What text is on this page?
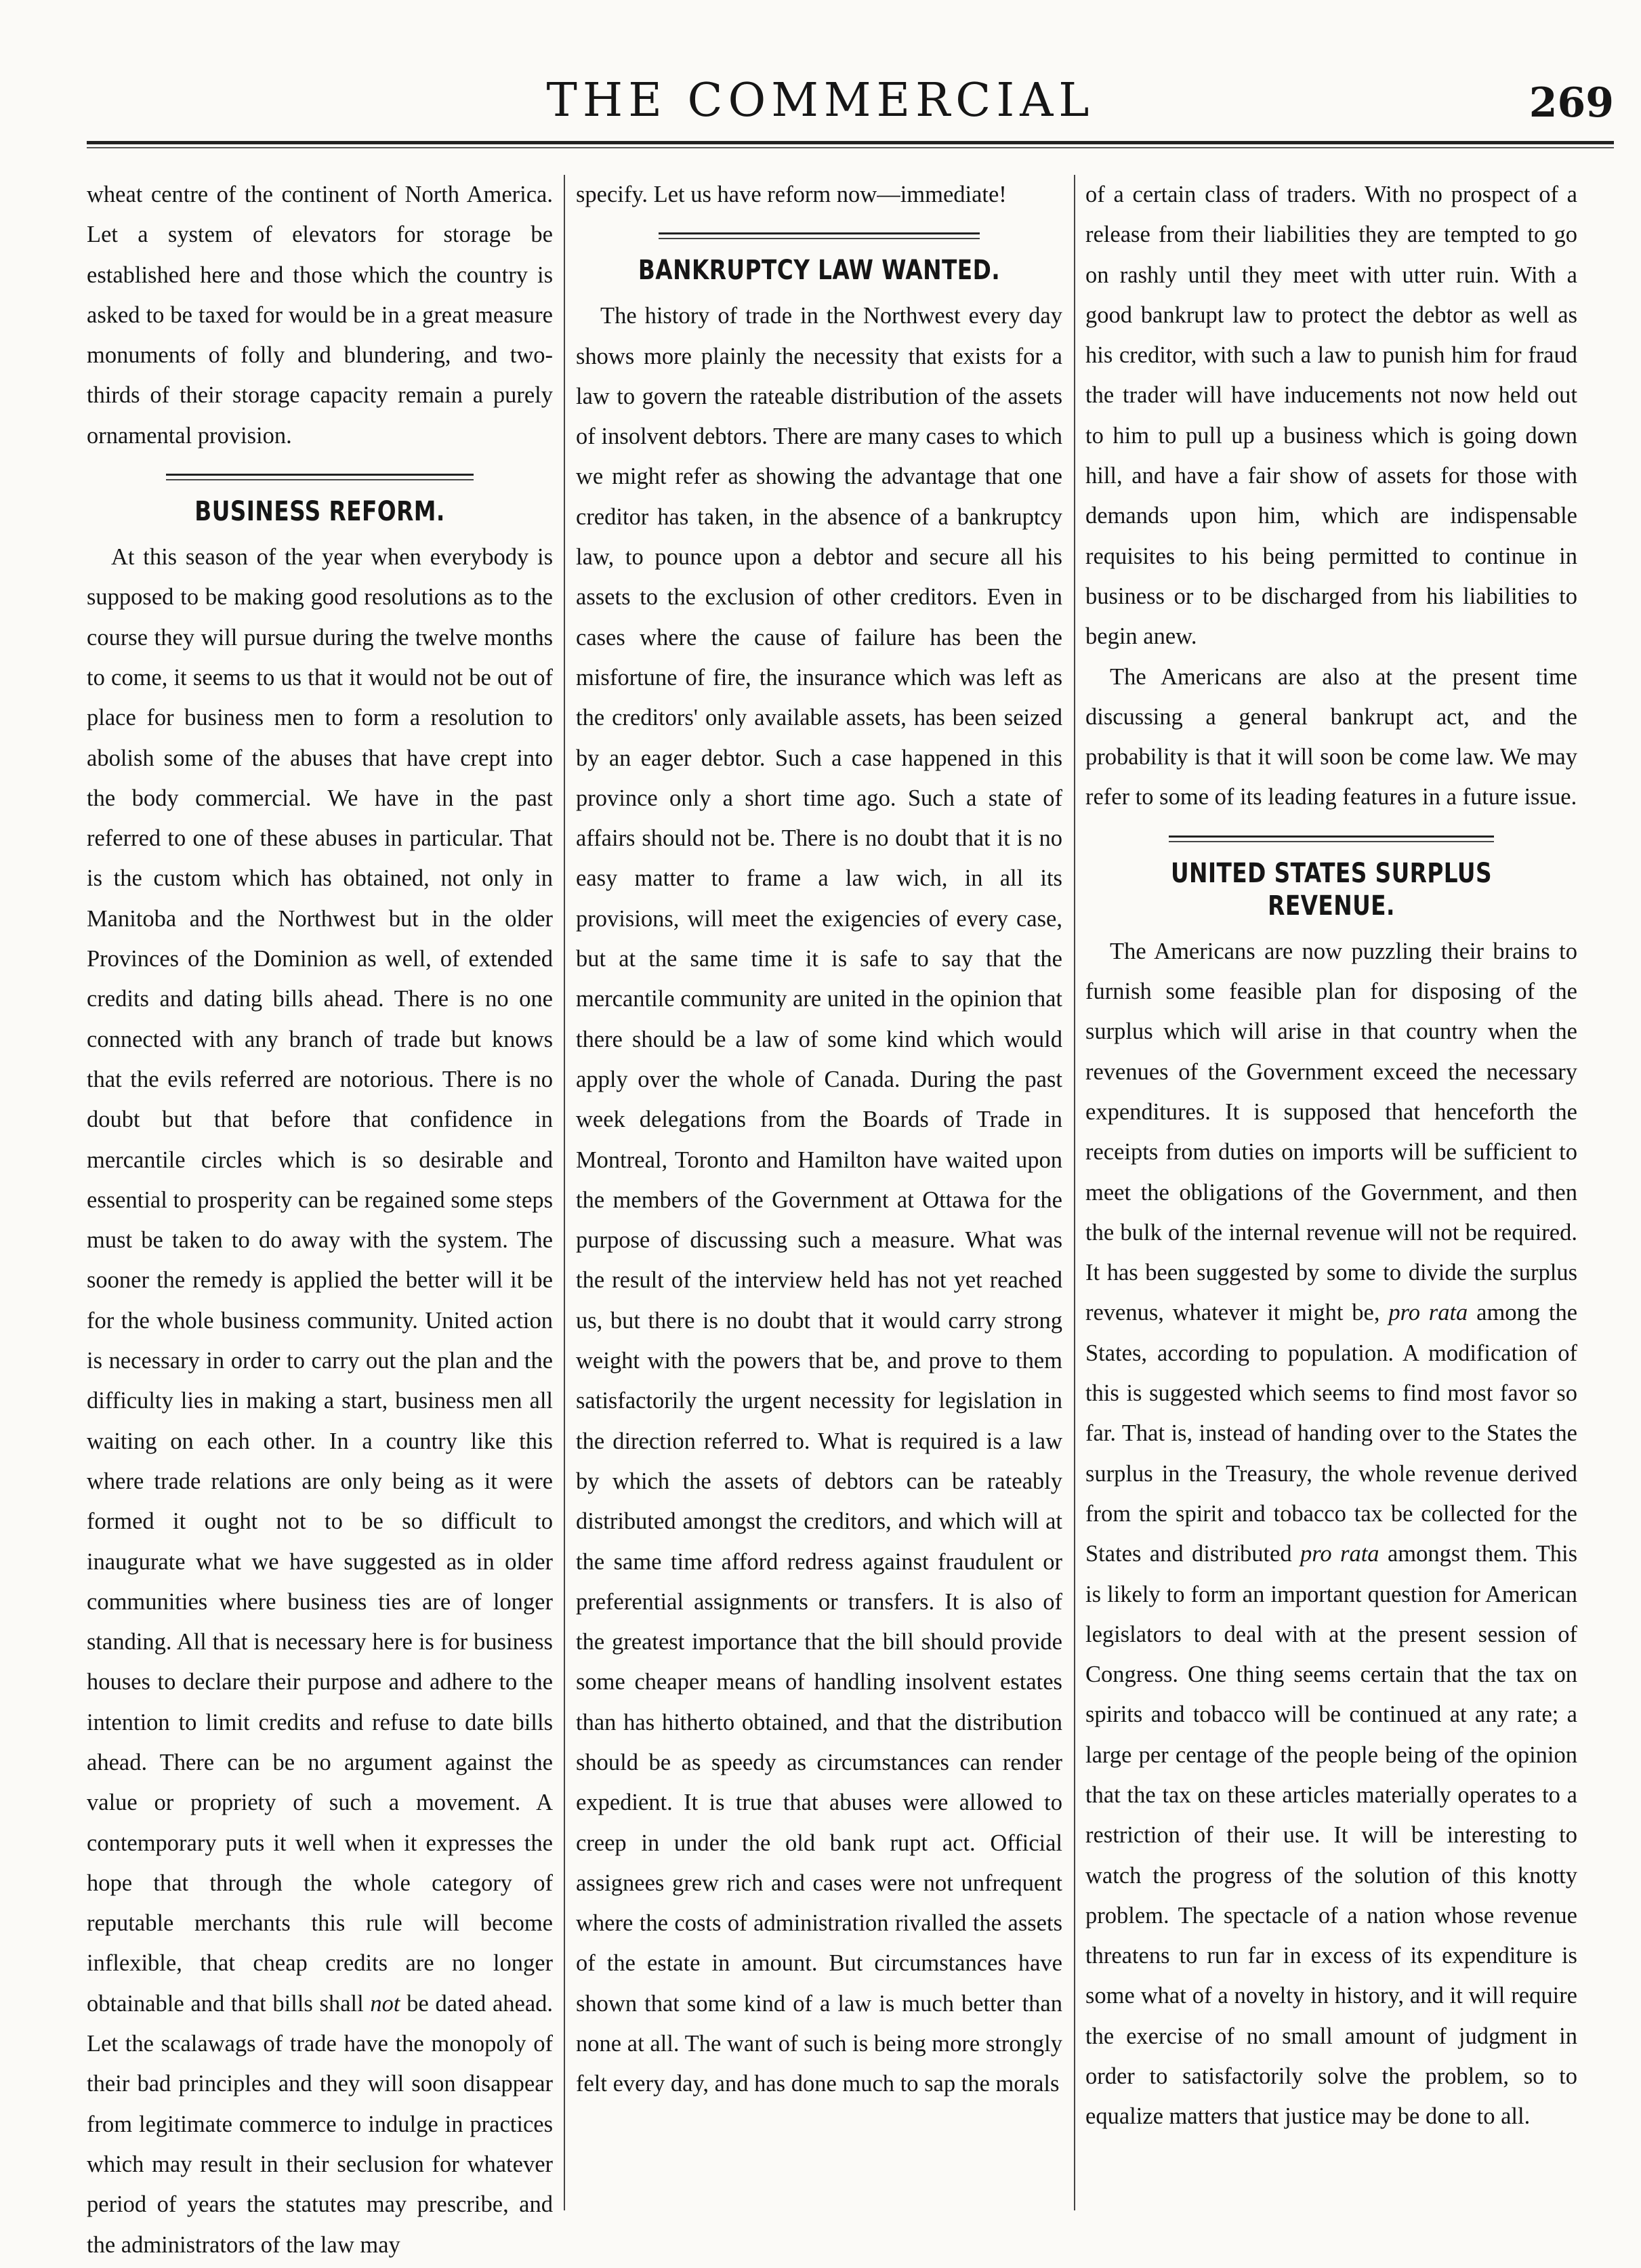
THE COMMERCIAL	269

wheat centre of the continent of North America. Let a system of elevators for storage be established here and those which the country is asked to be taxed for would be in a great measure monuments of folly and blundering, and two-thirds of their storage capacity remain a purely ornamental provision.

BUSINESS REFORM.

At this season of the year when everybody is supposed to be making good resolutions as to the course they will pursue during the twelve months to come, it seems to us that it would not be out of place for business men to form a resolution to abolish some of the abuses that have crept into the body commercial. We have in the past referred to one of these abuses in particular. That is the custom which has obtained, not only in Manitoba and the Northwest but in the older Provinces of the Dominion as well, of extended credits and dating bills ahead. There is no one connected with any branch of trade but knows that the evils referred are notorious. There is no doubt but that before that confidence in mercantile circles which is so desirable and essential to prosperity can be regained some steps must be taken to do away with the system. The sooner the remedy is applied the better will it be for the whole business community. United action is necessary in order to carry out the plan and the difficulty lies in making a start, business men all waiting on each other. In a country like this where trade relations are only being as it were formed it ought not to be so difficult to inaugurate what we have suggested as in older communities where business ties are of longer standing. All that is necessary here is for business houses to declare their purpose and adhere to the intention to limit credits and refuse to date bills ahead. There can be no argument against the value or propriety of such a movement. A contemporary puts it well when it expresses the hope that through the whole category of reputable merchants this rule will become inflexible, that cheap credits are no longer obtainable and that bills shall not be dated ahead. Let the scalawags of trade have the monopoly of their bad principles and they will soon disappear from legitimate commerce to indulge in practices which may result in their seclusion for whatever period of years the statutes may prescribe, and the administrators of the law may

specify. Let us have reform now—immediate!

BANKRUPTCY LAW WANTED.

The history of trade in the Northwest every day shows more plainly the necessity that exists for a law to govern the rateable distribution of the assets of insolvent debtors. There are many cases to which we might refer as showing the advantage that one creditor has taken, in the absence of a bankruptcy law, to pounce upon a debtor and secure all his assets to the exclusion of other creditors. Even in cases where the cause of failure has been the misfortune of fire, the insurance which was left as the creditors' only available assets, has been seized by an eager debtor. Such a case happened in this province only a short time ago. Such a state of affairs should not be. There is no doubt that it is no easy matter to frame a law wich, in all its provisions, will meet the exigencies of every case, but at the same time it is safe to say that the mercantile community are united in the opinion that there should be a law of some kind which would apply over the whole of Canada. During the past week delegations from the Boards of Trade in Montreal, Toronto and Hamilton have waited upon the members of the Government at Ottawa for the purpose of discussing such a measure. What was the result of the interview held has not yet reached us, but there is no doubt that it would carry strong weight with the powers that be, and prove to them satisfactorily the urgent necessity for legislation in the direction referred to. What is required is a law by which the assets of debtors can be rateably distributed amongst the creditors, and which will at the same time afford redress against fraudulent or preferential assignments or transfers. It is also of the greatest importance that the bill should provide some cheaper means of handling insolvent estates than has hitherto obtained, and that the distribution should be as speedy as circumstances can render expedient. It is true that abuses were allowed to creep in under the old bank rupt act. Official assignees grew rich and cases were not unfrequent where the costs of administration rivalled the assets of the estate in amount. But circumstances have shown that some kind of a law is much better than none at all. The want of such is being more strongly felt every day, and has done much to sap the morals

of a certain class of traders. With no prospect of a release from their liabilities they are tempted to go on rashly until they meet with utter ruin. With a good bankrupt law to protect the debtor as well as his creditor, with such a law to punish him for fraud the trader will have inducements not now held out to him to pull up a business which is going down hill, and have a fair show of assets for those with demands upon him, which are indispensable requisites to his being permitted to continue in business or to be discharged from his liabilities to begin anew.

The Americans are also at the present time discussing a general bankrupt act, and the probability is that it will soon be come law. We may refer to some of its leading features in a future issue.

UNITED STATES SURPLUS REVENUE.

The Americans are now puzzling their brains to furnish some feasible plan for disposing of the surplus which will arise in that country when the revenues of the Government exceed the necessary expenditures. It is supposed that henceforth the receipts from duties on imports will be sufficient to meet the obligations of the Government, and then the bulk of the internal revenue will not be required. It has been suggested by some to divide the surplus revenus, whatever it might be, pro rata among the States, according to population. A modification of this is suggested which seems to find most favor so far. That is, instead of handing over to the States the surplus in the Treasury, the whole revenue derived from the spirit and tobacco tax be collected for the States and distributed pro rata amongst them. This is likely to form an important question for American legislators to deal with at the present session of Congress. One thing seems certain that the tax on spirits and tobacco will be continued at any rate; a large per centage of the people being of the opinion that the tax on these articles materially operates to a restriction of their use. It will be interesting to watch the progress of the solution of this knotty problem. The spectacle of a nation whose revenue threatens to run far in excess of its expenditure is some what of a novelty in history, and it will require the exercise of no small amount of judgment in order to satisfactorily solve the problem, so to equalize matters that justice may be done to all.
